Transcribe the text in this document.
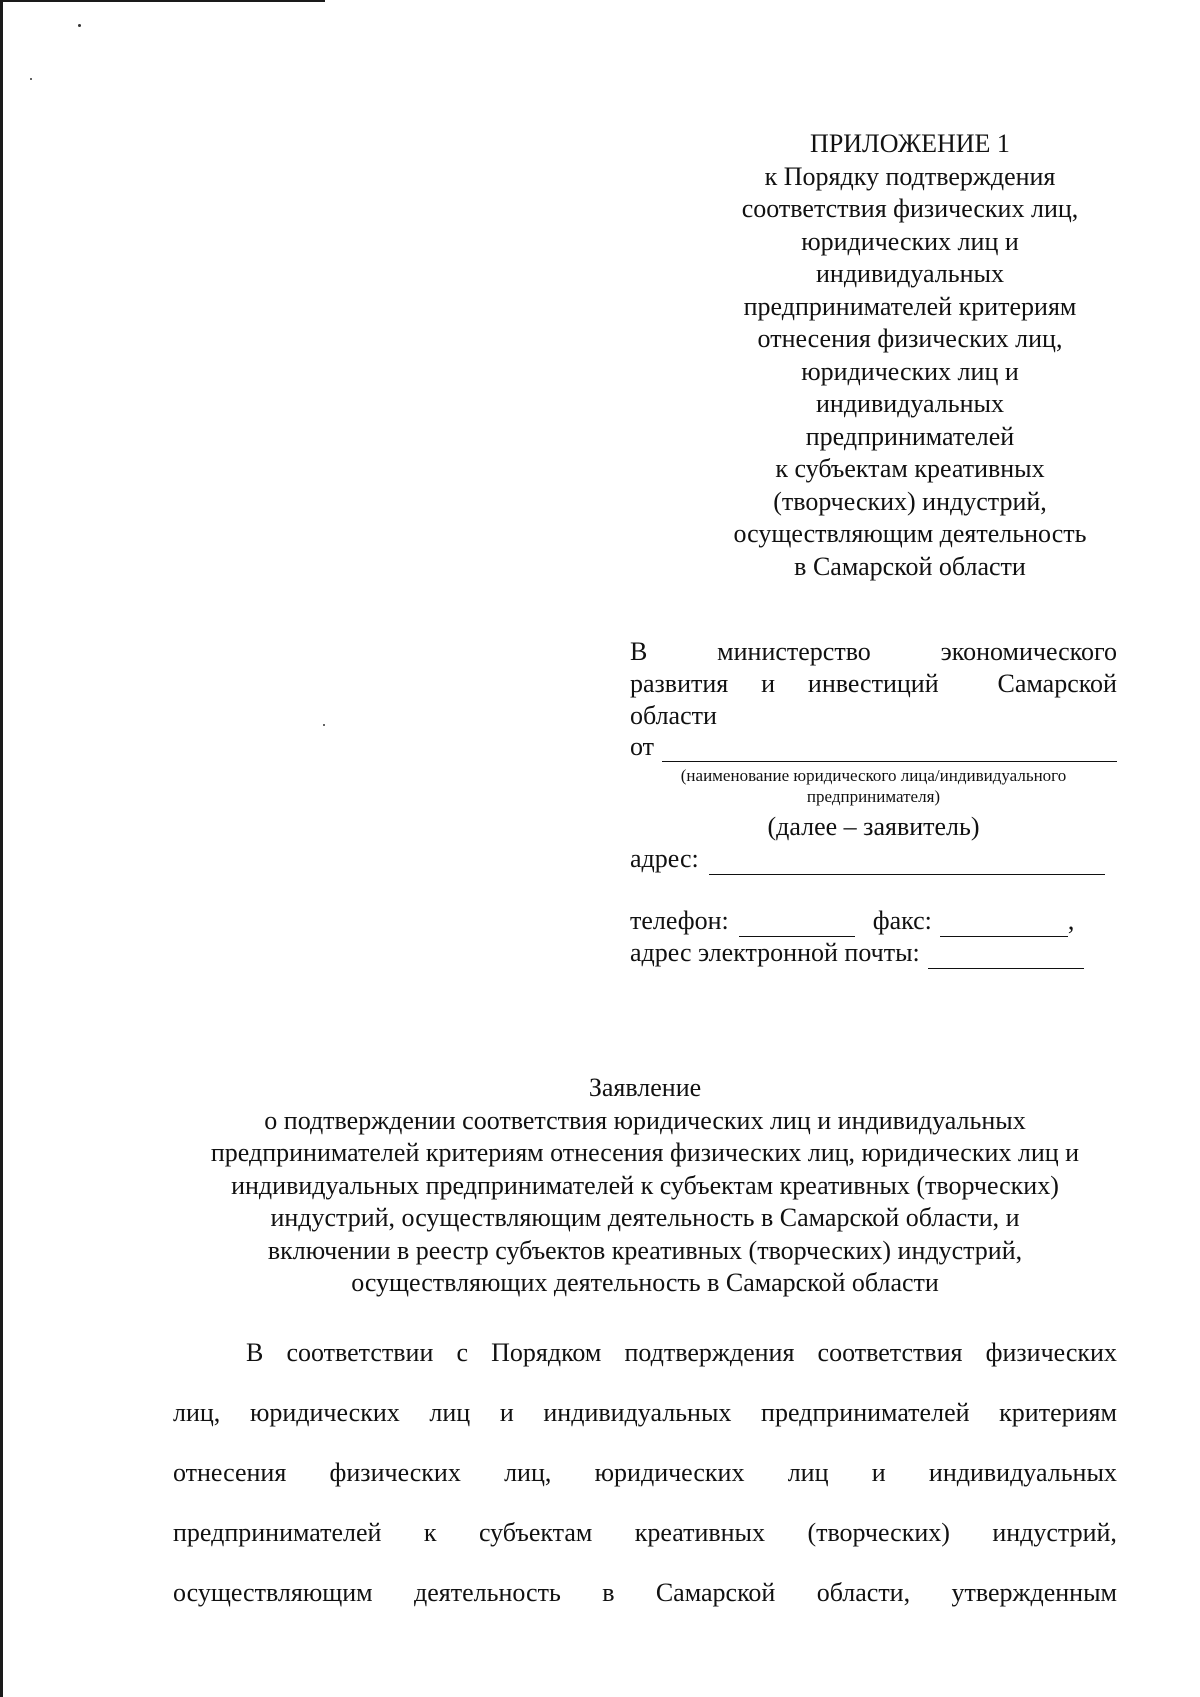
ПРИЛОЖЕНИЕ 1
к Порядку подтверждения
соответствия физических лиц,
юридических лиц и
индивидуальных
предпринимателей критериям
отнесения физических лиц,
юридических лиц и
индивидуальных
предпринимателей
к субъектам креативных
(творческих) индустрий,
осуществляющим деятельность
в Самарской области
В	министерство	экономического
развития и инвестиций Самарской
области
от
(наименование юридического лица/индивидуального
предпринимателя)
(далее – заявитель)
адрес:
телефон:	факс:	,
адрес электронной почты:
Заявление
о подтверждении соответствия юридических лиц и индивидуальных
предпринимателей критериям отнесения физических лиц, юридических лиц и
индивидуальных предпринимателей к субъектам креативных (творческих)
индустрий, осуществляющим деятельность в Самарской области, и
включении в реестр субъектов креативных (творческих) индустрий,
осуществляющих деятельность в Самарской области
В соответствии с Порядком подтверждения соответствия физических
лиц, юридических лиц и индивидуальных предпринимателей критериям
отнесения физических лиц, юридических лиц и индивидуальных
предпринимателей к субъектам креативных (творческих) индустрий,
осуществляющим деятельность в Самарской области, утвержденным
